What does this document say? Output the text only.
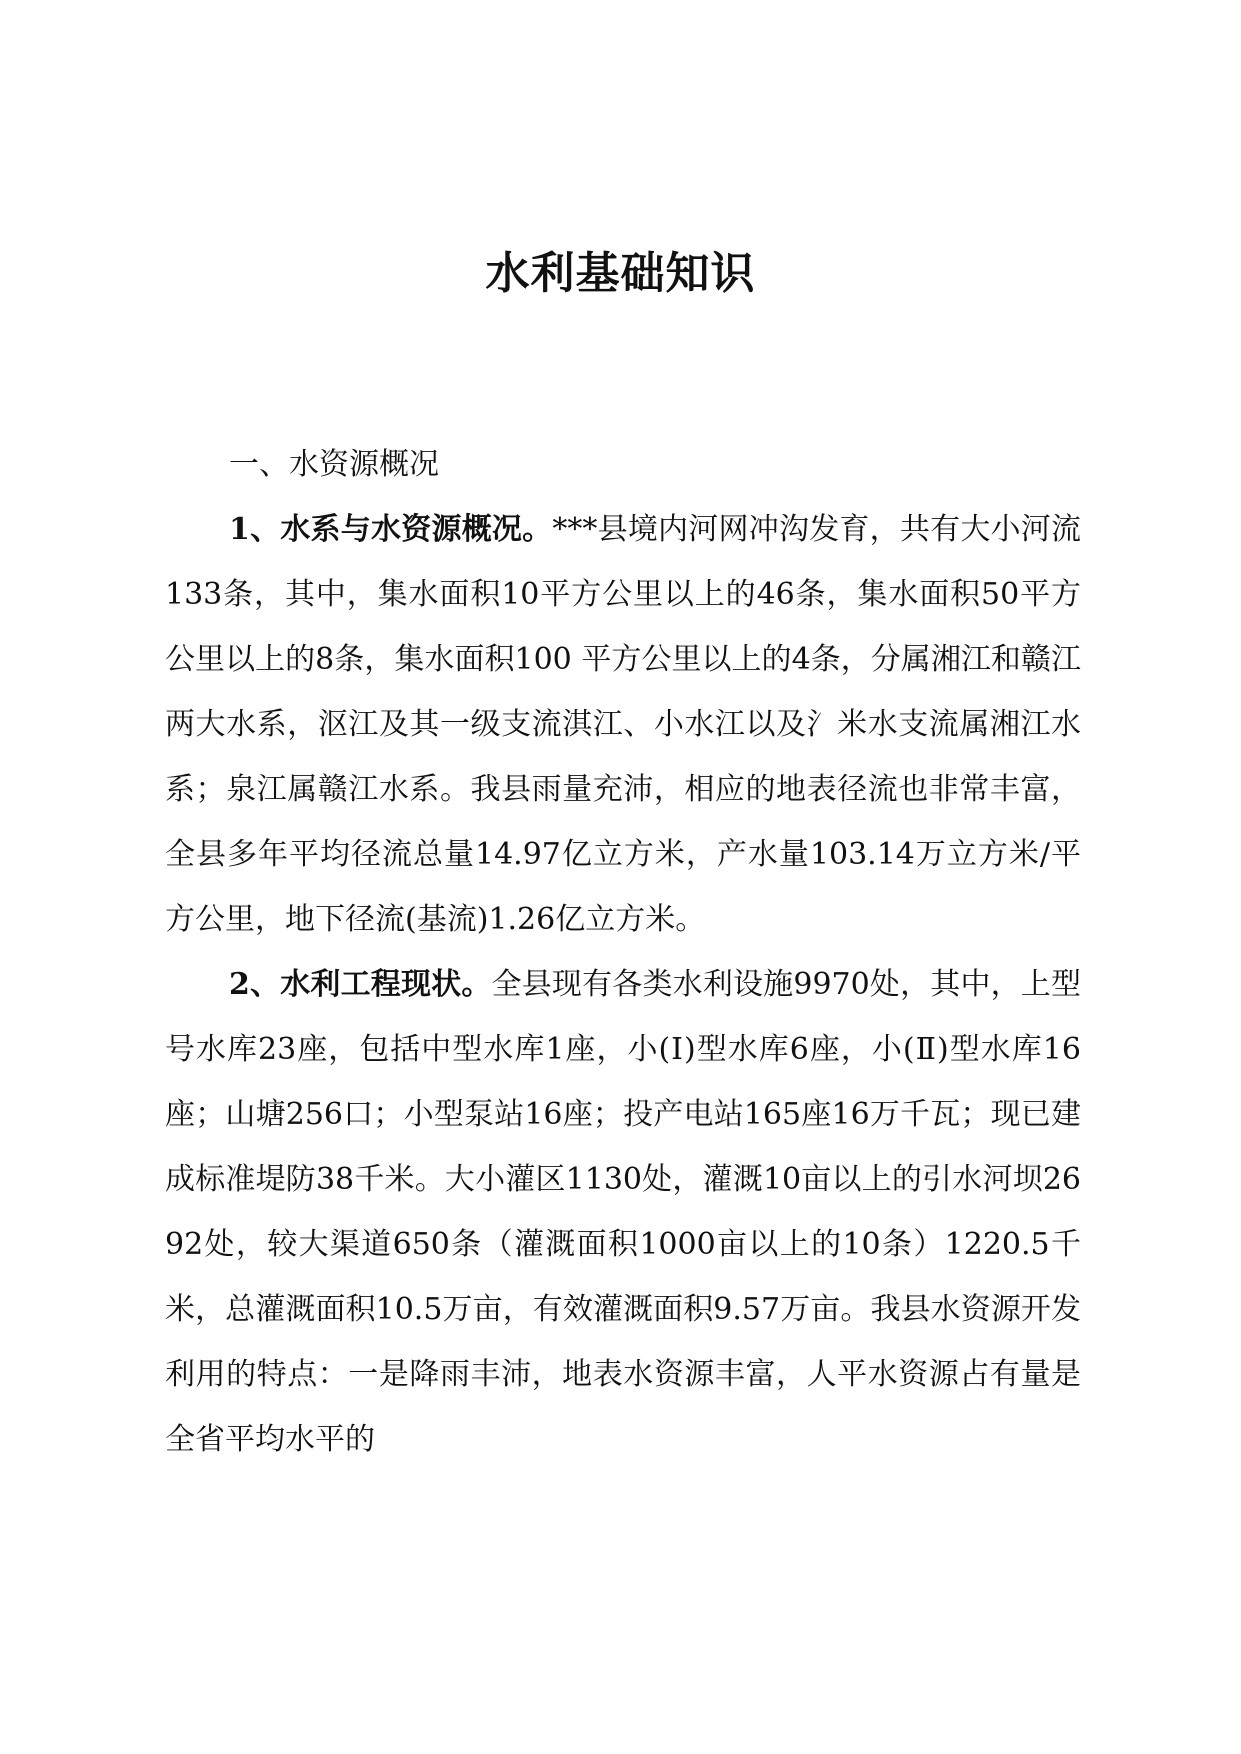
水利基础知识
一、水资源概况

1、水系与水资源概况。***县境内河网冲沟发育，共有大小河流133条，其中，集水面积10平方公里以上的46条，集水面积50平方公里以上的8条，集水面积100 平方公里以上的4条，分属湘江和赣江两大水系，沤江及其一级支流淇江、小水江以及氵米水支流属湘江水系；泉江属赣江水系。我县雨量充沛，相应的地表径流也非常丰富，全县多年平均径流总量14.97亿立方米，产水量103.14万立方米/平方公里，地下径流(基流)1.26亿立方米。

2、水利工程现状。全县现有各类水利设施9970处，其中，上型号水库23座，包括中型水库1座，小(Ⅰ)型水库6座，小(Ⅱ)型水库16座；山塘256口；小型泵站16座；投产电站165座16万千瓦；现已建成标准堤防38千米。大小灌区1130处，灌溉10亩以上的引水河坝2692处，较大渠道650条（灌溉面积1000亩以上的10条）1220.5千米，总灌溉面积10.5万亩，有效灌溉面积9.57万亩。我县水资源开发利用的特点：一是降雨丰沛，地表水资源丰富，人平水资源占有量是全省平均水平的
